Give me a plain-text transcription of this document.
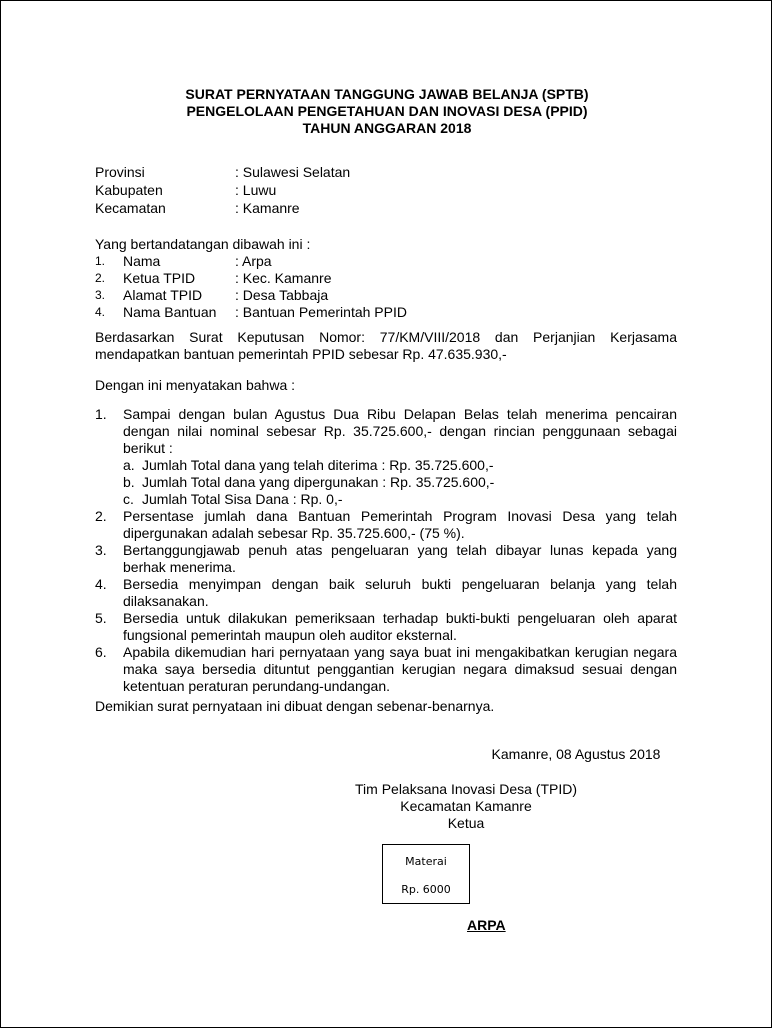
SURAT PERNYATAAN TANGGUNG JAWAB BELANJA (SPTB)
PENGELOLAAN PENGETAHUAN DAN INOVASI DESA (PPID)
TAHUN ANGGARAN 2018
Provinsi	: Sulawesi Selatan
Kabupaten	: Luwu
Kecamatan	: Kamanre
Yang bertandatangan dibawah ini :
1.	Nama	: Arpa
2.	Ketua TPID	: Kec. Kamanre
3.	Alamat TPID	: Desa Tabbaja
4.	Nama Bantuan	: Bantuan Pemerintah PPID
Berdasarkan Surat Keputusan Nomor: 77/KM/VIII/2018 dan Perjanjian Kerjasama mendapatkan bantuan pemerintah PPID sebesar Rp. 47.635.930,-
Dengan ini menyatakan bahwa :
1.	Sampai dengan bulan Agustus Dua Ribu Delapan Belas telah menerima pencairan dengan nilai nominal sebesar Rp. 35.725.600,- dengan rincian penggunaan sebagai berikut :
a. Jumlah Total dana yang telah diterima : Rp. 35.725.600,-
b. Jumlah Total dana yang dipergunakan : Rp. 35.725.600,-
c. Jumlah Total Sisa Dana : Rp. 0,-
2.	Persentase jumlah dana Bantuan Pemerintah Program Inovasi Desa yang telah dipergunakan adalah sebesar Rp. 35.725.600,- (75 %).
3.	Bertanggungjawab penuh atas pengeluaran yang telah dibayar lunas kepada yang berhak menerima.
4.	Bersedia menyimpan dengan baik seluruh bukti pengeluaran belanja yang telah dilaksanakan.
5.	Bersedia untuk dilakukan pemeriksaan terhadap bukti-bukti pengeluaran oleh aparat fungsional pemerintah maupun oleh auditor eksternal.
6.	Apabila dikemudian hari pernyataan yang saya buat ini mengakibatkan kerugian negara maka saya bersedia dituntut penggantian kerugian negara dimaksud sesuai dengan ketentuan peraturan perundang-undangan.
Demikian surat pernyataan ini dibuat dengan sebenar-benarnya.
Kamanre, 08 Agustus 2018
Tim Pelaksana Inovasi Desa (TPID)
Kecamatan Kamanre
Ketua
Materai
Rp. 6000
ARPA
